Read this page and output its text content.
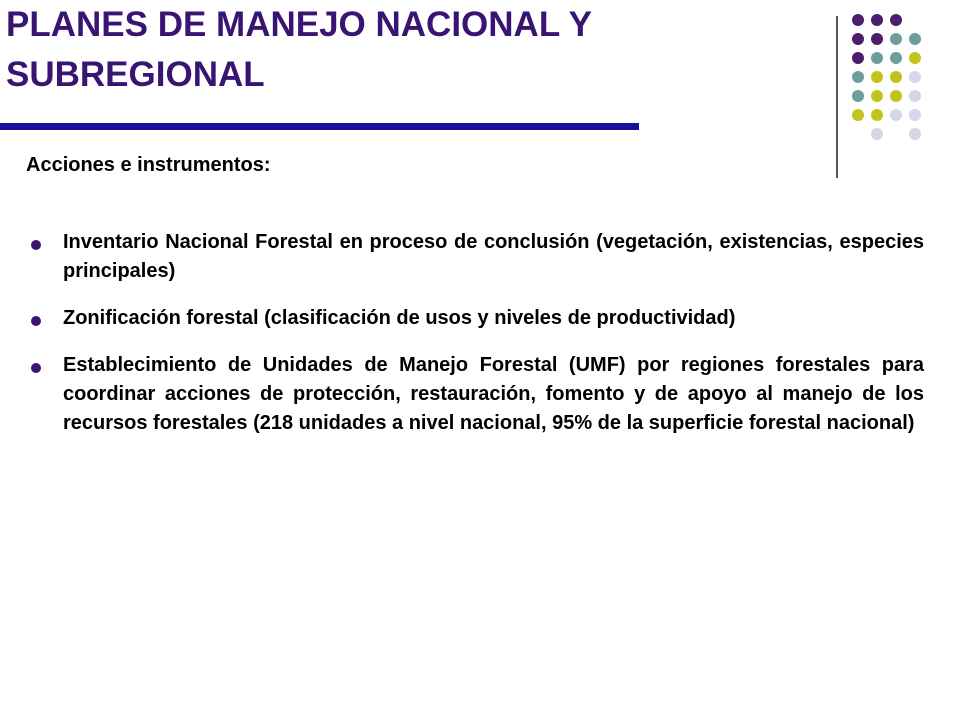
PLANES DE MANEJO NACIONAL Y SUBREGIONAL
Acciones e instrumentos:
Inventario Nacional Forestal en proceso de conclusión (vegetación, existencias, especies principales)
Zonificación forestal (clasificación de usos y niveles de productividad)
Establecimiento de Unidades de Manejo Forestal (UMF) por regiones forestales para coordinar acciones de protección, restauración, fomento y de apoyo al manejo de los recursos forestales (218 unidades a nivel nacional, 95% de la superficie forestal nacional)
